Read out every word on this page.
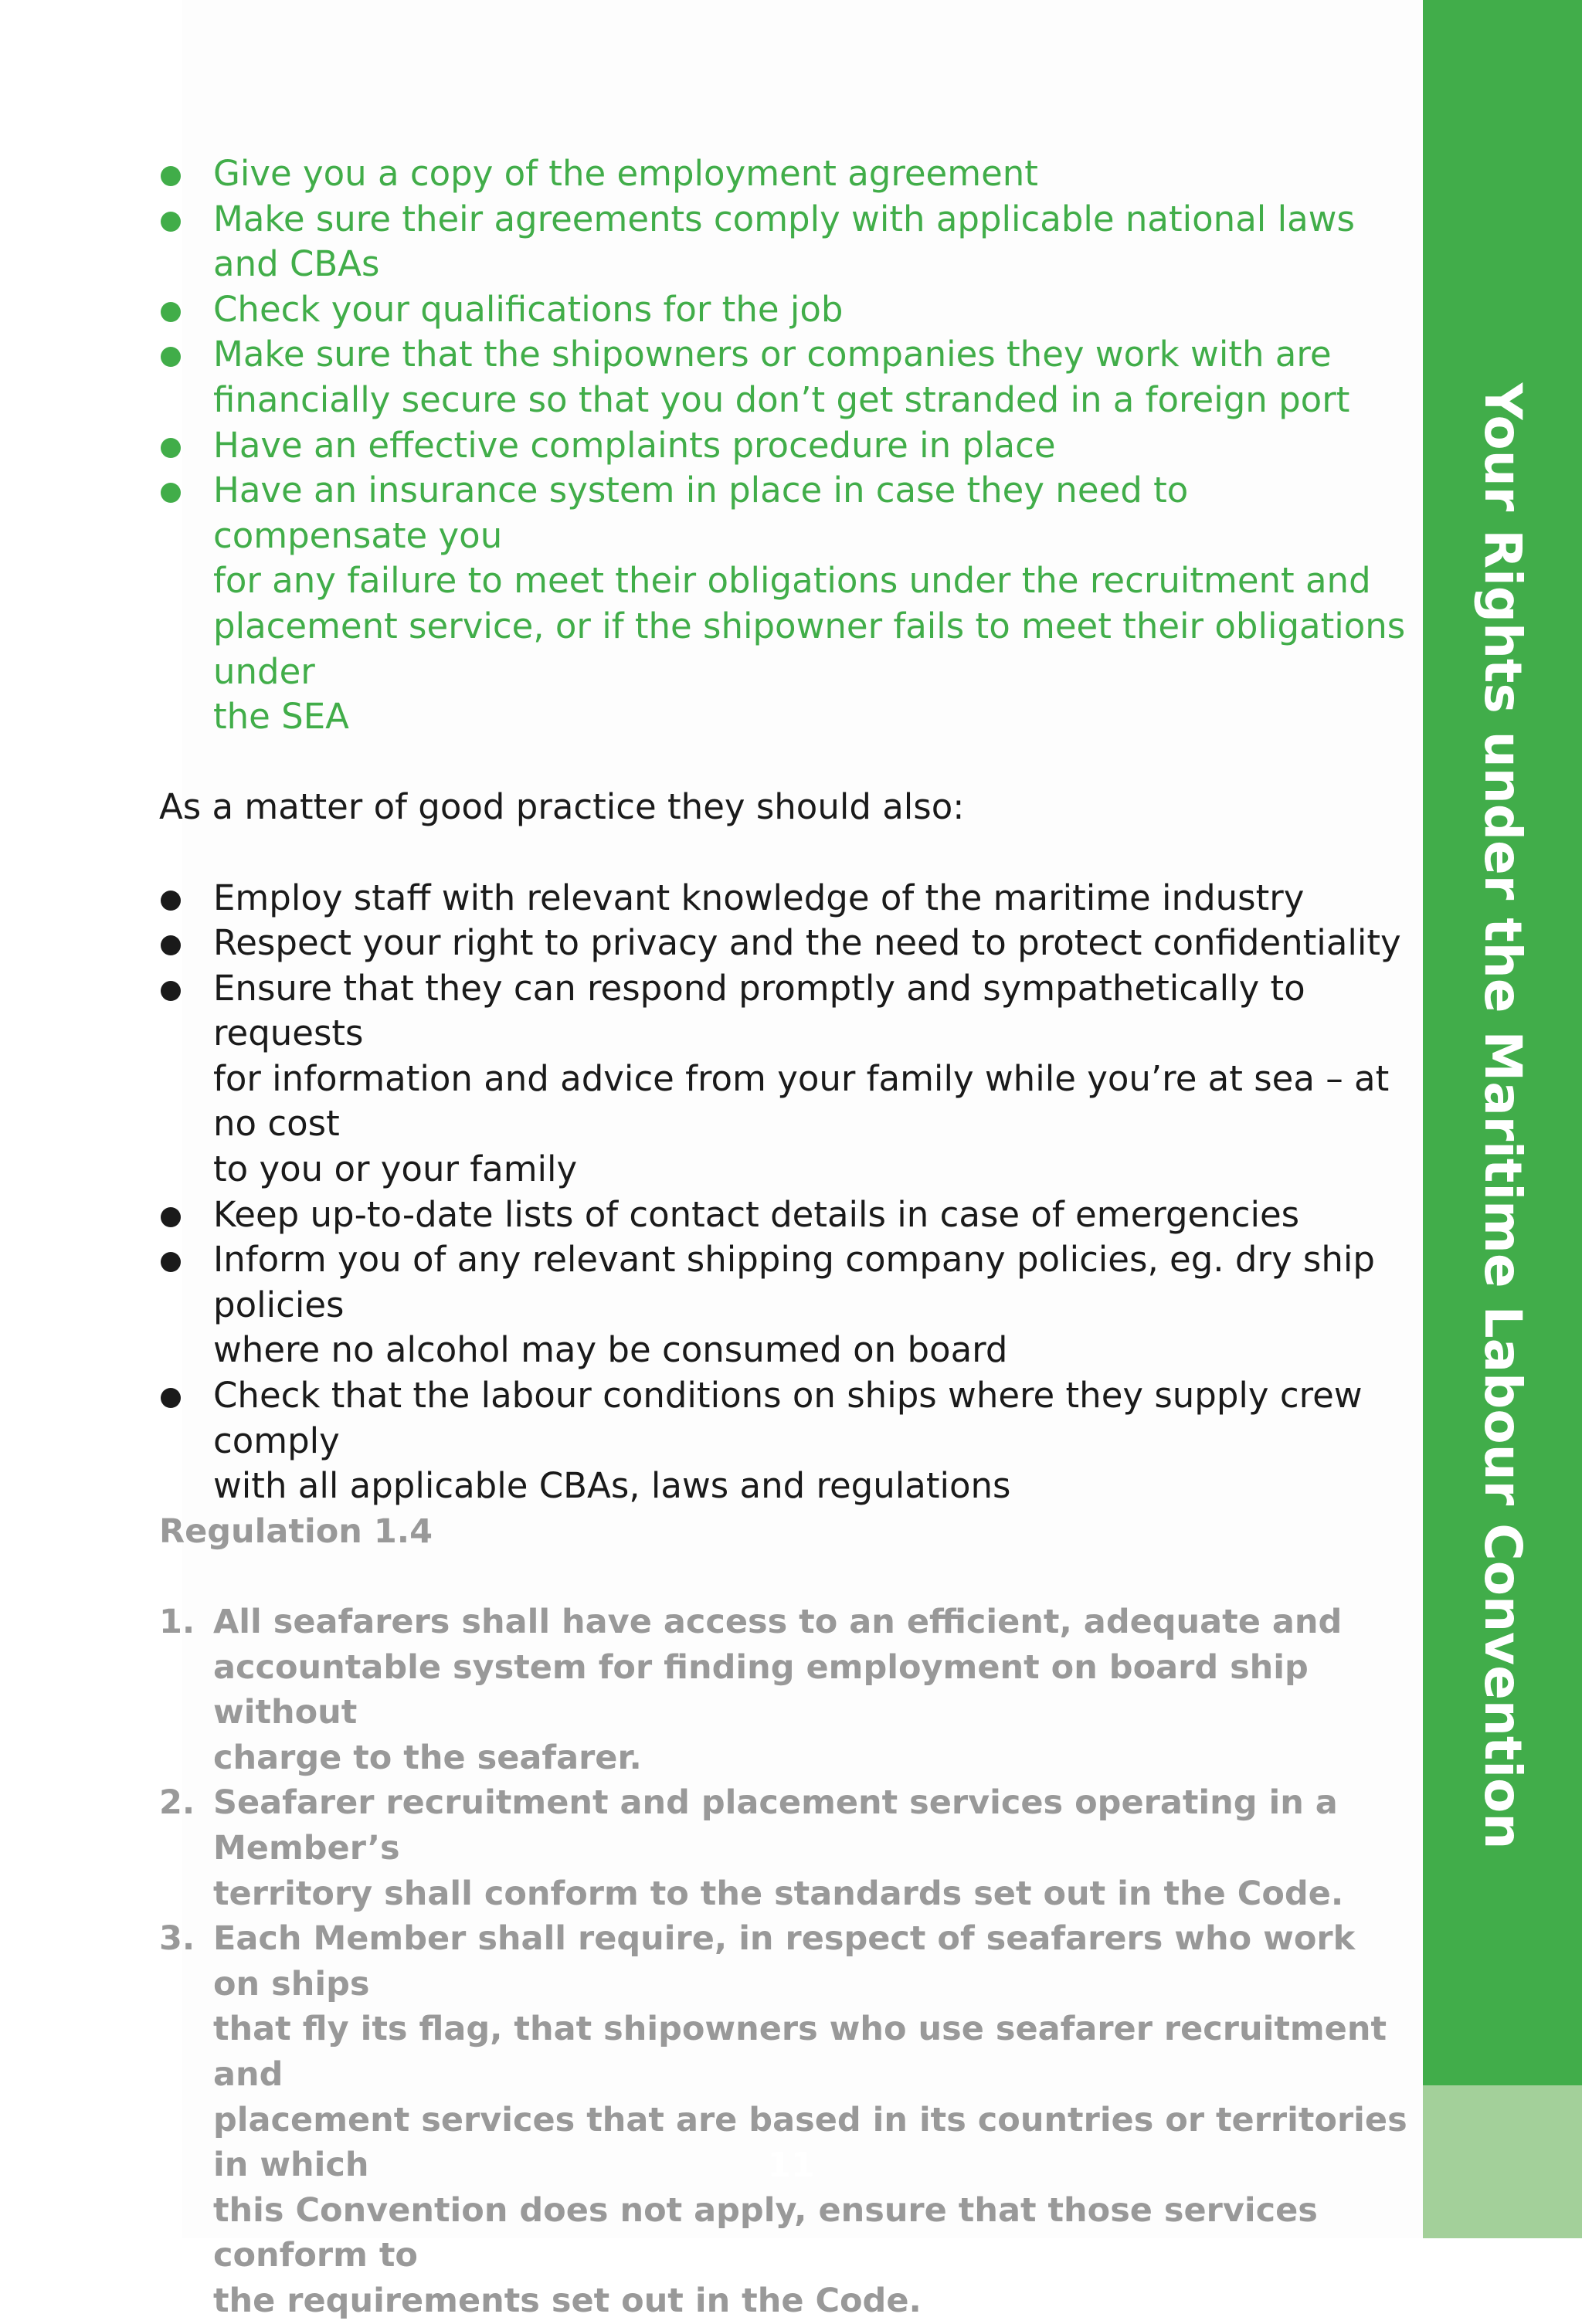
Give you a copy of the employment agreement
Make sure their agreements comply with applicable national laws and CBAs
Check your qualifications for the job
Make sure that the shipowners or companies they work with are
financially secure so that you don’t get stranded in a foreign port
Have an effective complaints procedure in place
Have an insurance system in place in case they need to compensate you
for any failure to meet their obligations under the recruitment and
placement service, or if the shipowner fails to meet their obligations under
the SEA

As a matter of good practice they should also:

Employ staff with relevant knowledge of the maritime industry
Respect your right to privacy and the need to protect confidentiality
Ensure that they can respond promptly and sympathetically to requests
for information and advice from your family while you’re at sea – at no cost
to you or your family
Keep up-to-date lists of contact details in case of emergencies
Inform you of any relevant shipping company policies, eg. dry ship policies
where no alcohol may be consumed on board
Check that the labour conditions on ships where they supply crew comply
with all applicable CBAs, laws and regulations

Regulation 1.4

1. All seafarers shall have access to an efficient, adequate and
accountable system for finding employment on board ship without
charge to the seafarer.
2. Seafarer recruitment and placement services operating in a Member’s
territory shall conform to the standards set out in the Code.
3. Each Member shall require, in respect of seafarers who work on ships
that fly its flag, that shipowners who use seafarer recruitment and
placement services that are based in its countries or territories in which
this Convention does not apply, ensure that those services conform to
the requirements set out in the Code.
Your Rights under the Maritime Labour Convention
11
